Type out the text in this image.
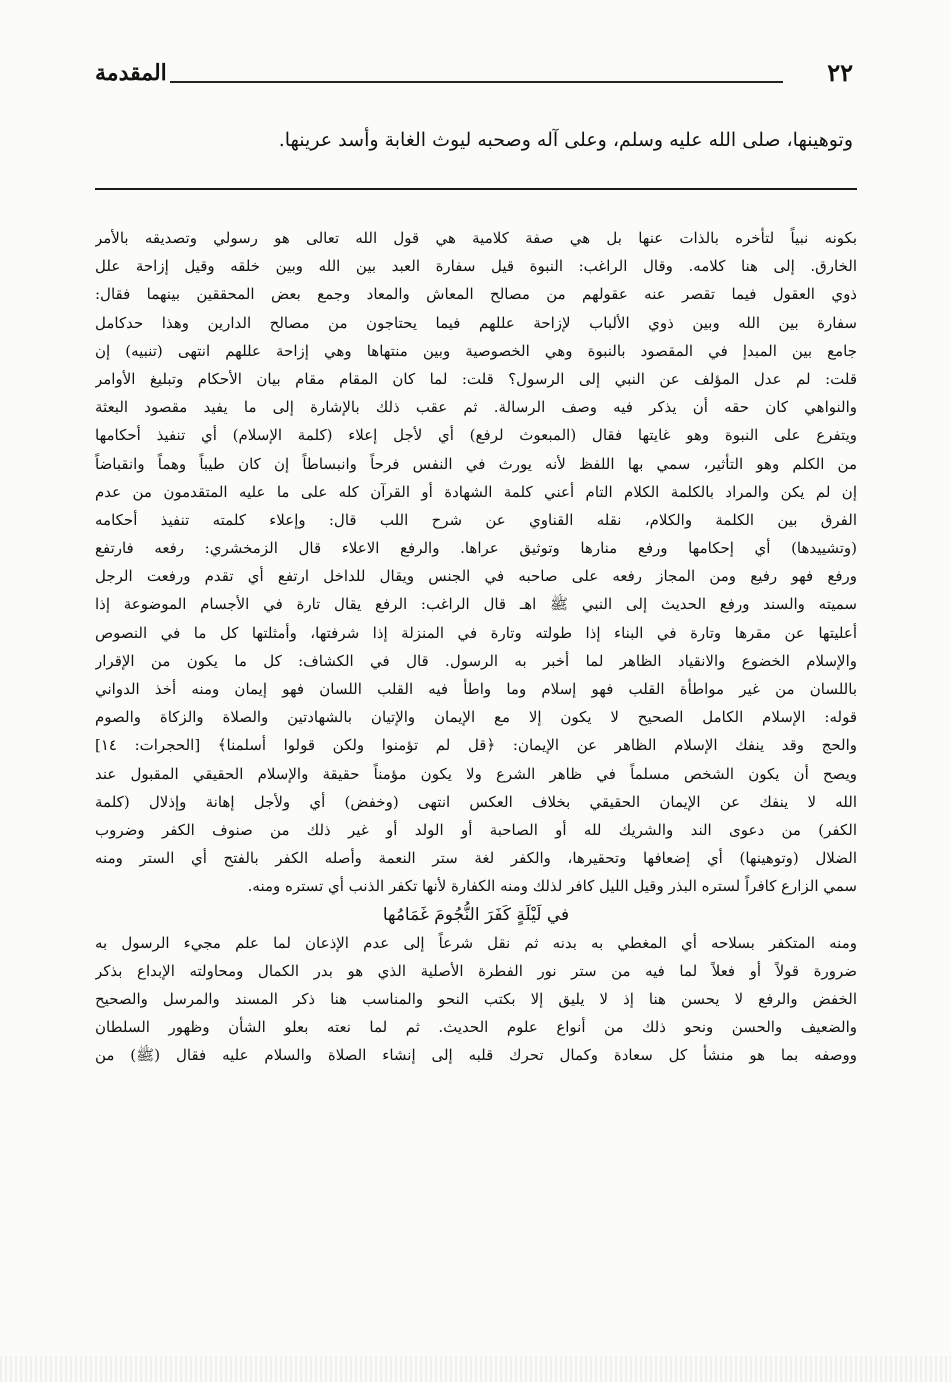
٢٢
المقدمة
وتوهينها، صلى الله عليه وسلم، وعلى آله وصحبه ليوث الغابة وأسد عرينها.
بكونه نبياً لتأخره بالذات عنها بل هي صفة كلامية هي قول الله تعالى هو رسولي وتصديقه بالأمر
الخارق. إلى هنا كلامه. وقال الراغب: النبوة قيل سفارة العبد بين الله وبين خلقه وقيل إزاحة علل
ذوي العقول فيما تقصر عنه عقولهم من مصالح المعاش والمعاد وجمع بعض المحققين بينهما فقال:
سفارة بين الله وبين ذوي الألباب لإزاحة عللهم فيما يحتاجون من مصالح الدارين وهذا حدكامل
جامع بين المبدإ في المقصود بالنبوة وهي الخصوصية وبين منتهاها وهي إزاحة عللهم انتهى (تنبيه) إن
قلت: لم عدل المؤلف عن النبي إلى الرسول؟ قلت: لما كان المقام مقام بيان الأحكام وتبليغ الأوامر
والنواهي كان حقه أن يذكر فيه وصف الرسالة. ثم عقب ذلك بالإشارة إلى ما يفيد مقصود البعثة
ويتفرع على النبوة وهو غايتها فقال (المبعوث لرفع) أي لأجل إعلاء (كلمة الإسلام) أي تنفيذ أحكامها
من الكلم وهو التأثير، سمي بها اللفظ لأنه يورث في النفس فرحاً وانبساطاً إن كان طيباً وهماً وانقباضاً
إن لم يكن والمراد بالكلمة الكلام التام أعني كلمة الشهادة أو القرآن كله على ما عليه المتقدمون من عدم
الفرق بين الكلمة والكلام، نقله القناوي عن شرح اللب قال: وإعلاء كلمته تنفيذ أحكامه
(وتشييدها) أي إحكامها ورفع منارها وتوثيق عراها. والرفع الاعلاء قال الزمخشري: رفعه فارتفع
ورفع فهو رفيع ومن المجاز رفعه على صاحبه في الجنس ويقال للداخل ارتفع أي تقدم ورفعت الرجل
سميته والسند ورفع الحديث إلى النبي ﷺ اهـ قال الراغب: الرفع يقال تارة في الأجسام الموضوعة إذا
أعليتها عن مقرها وتارة في البناء إذا طولته وتارة في المنزلة إذا شرفتها، وأمثلتها كل ما في النصوص
والإسلام الخضوع والانقياد الظاهر لما أخبر به الرسول. قال في الكشاف: كل ما يكون من الإقرار
باللسان من غير مواطأة القلب فهو إسلام وما واطأ فيه القلب اللسان فهو إيمان ومنه أخذ الدواني
قوله: الإسلام الكامل الصحيح لا يكون إلا مع الإيمان والإتيان بالشهادتين والصلاة والزكاة والصوم
والحج وقد ينفك الإسلام الظاهر عن الإيمان: ﴿قل لم تؤمنوا ولكن قولوا أسلمنا﴾ [الحجرات: ١٤]
ويصح أن يكون الشخص مسلماً في ظاهر الشرع ولا يكون مؤمناً حقيقة والإسلام الحقيقي المقبول عند
الله لا ينفك عن الإيمان الحقيقي بخلاف العكس انتهى (وخفض) أي ولأجل إهانة وإذلال (كلمة
الكفر) من دعوى الند والشريك لله أو الصاحبة أو الولد أو غير ذلك من صنوف الكفر وضروب
الضلال (وتوهينها) أي إضعافها وتحقيرها، والكفر لغة ستر النعمة وأصله الكفر بالفتح أي الستر ومنه
سمي الزارع كافراً لستره البذر وقيل الليل كافر لذلك ومنه الكفارة لأنها تكفر الذنب أي تستره ومنه.
في لَيْلَةٍ كَفَرَ النُّجُومَ غَمَامُها
ومنه المتكفر بسلاحه أي المغطي به بدنه ثم نقل شرعاً إلى عدم الإذعان لما علم مجيء الرسول به
ضرورة قولاً أو فعلاً لما فيه من ستر نور الفطرة الأصلية الذي هو بدر الكمال ومحاولته الإبداع بذكر
الخفض والرفع لا يحسن هنا إذ لا يليق إلا بكتب النحو والمناسب هنا ذكر المسند والمرسل والصحيح
والضعيف والحسن ونحو ذلك من أنواع علوم الحديث. ثم لما نعته بعلو الشأن وظهور السلطان
ووصفه بما هو منشأ كل سعادة وكمال تحرك قلبه إلى إنشاء الصلاة والسلام عليه فقال (ﷺ) من
